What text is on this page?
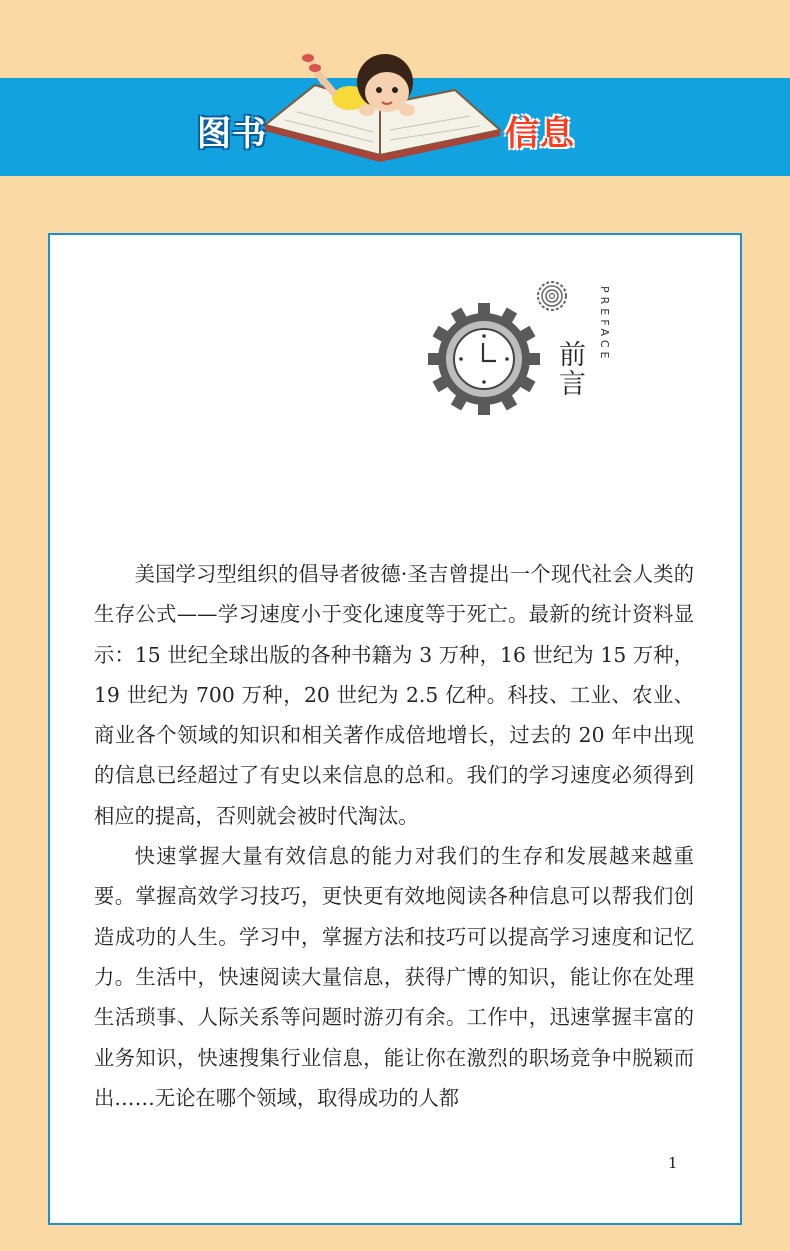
图书	信息
PREFACE
前言

美国学习型组织的倡导者彼德·圣吉曾提出一个现代社会人类的生存公式——学习速度小于变化速度等于死亡。最新的统计资料显示：15 世纪全球出版的各种书籍为 3 万种，16 世纪为 15 万种，19 世纪为 700 万种，20 世纪为 2.5 亿种。科技、工业、农业、商业各个领域的知识和相关著作成倍地增长，过去的 20 年中出现的信息已经超过了有史以来信息的总和。我们的学习速度必须得到相应的提高，否则就会被时代淘汰。

快速掌握大量有效信息的能力对我们的生存和发展越来越重要。掌握高效学习技巧，更快更有效地阅读各种信息可以帮我们创造成功的人生。学习中，掌握方法和技巧可以提高学习速度和记忆力。生活中，快速阅读大量信息，获得广博的知识，能让你在处理生活琐事、人际关系等问题时游刃有余。工作中，迅速掌握丰富的业务知识，快速搜集行业信息，能让你在激烈的职场竞争中脱颖而出……无论在哪个领域，取得成功的人都

1
